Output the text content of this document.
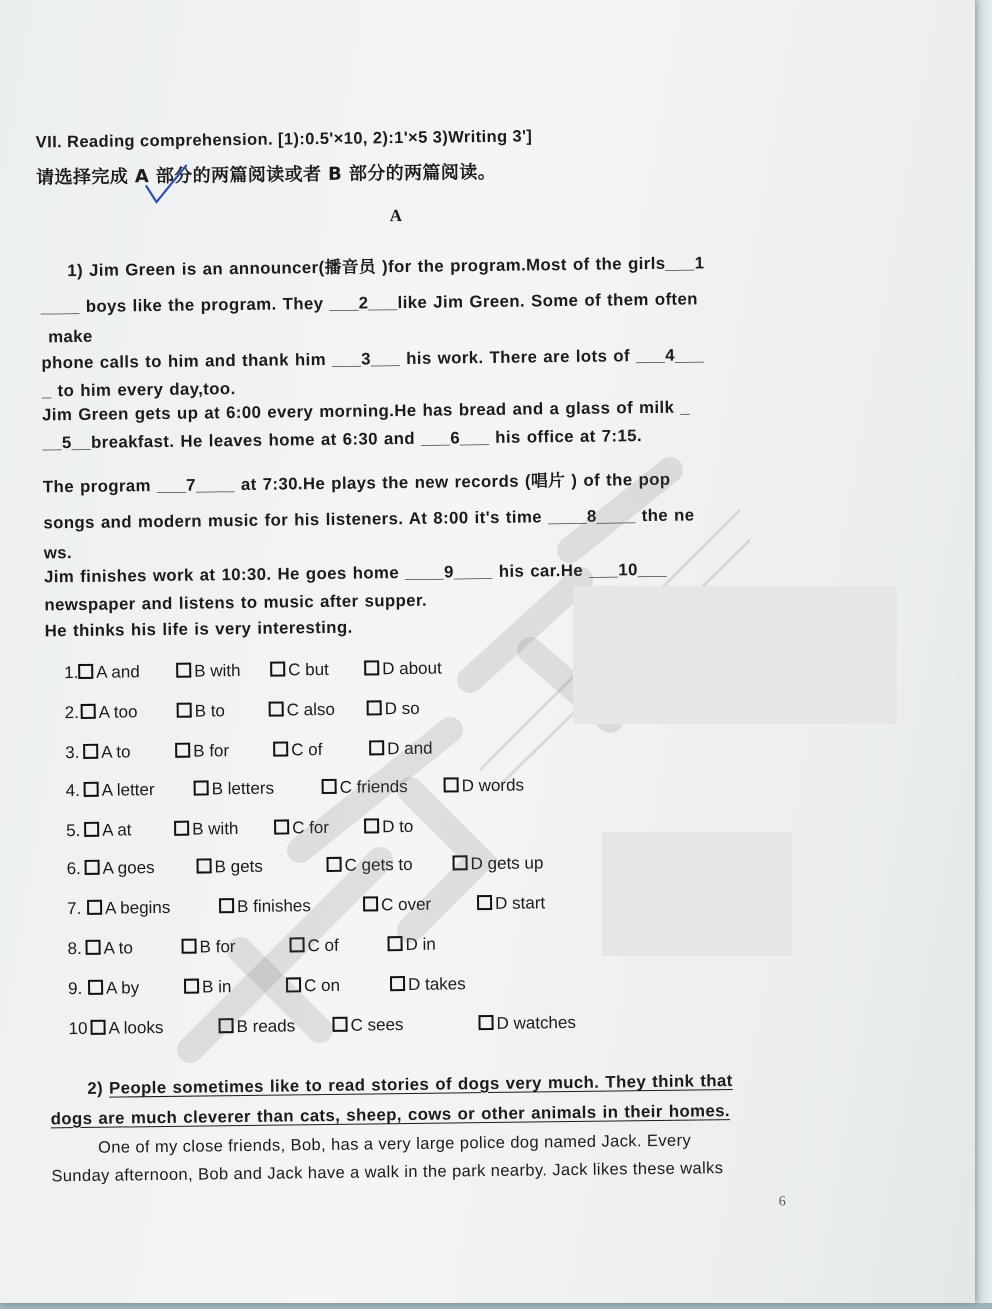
VII. Reading comprehension. [1):0.5'×10, 2):1'×5 3)Writing 3']
请选择完成 A 部分的两篇阅读或者 B 部分的两篇阅读。
A
1) Jim Green is an announcer(播音员 )for the program.Most of the girls___1
____ boys like the program. They ___2___like Jim Green. Some of them often
make
phone calls to him and thank him ___3___ his work. There are lots of ___4___
_ to him every day,too.
Jim Green gets up at 6:00 every morning.He has bread and a glass of milk _
__5__breakfast. He leaves home at 6:30 and ___6___ his office at 7:15.
The program ___7____ at 7:30.He plays the new records (唱片 ) of the pop
songs and modern music for his listeners. At 8:00 it's time ____8____ the ne
ws.
Jim finishes work at 10:30. He goes home ____9____ his car.He ___10___
newspaper and listens to music after supper.
He thinks his life is very interesting.
1.	A and	B with	C but	D about
2.	A too	B to	C also	D so
3.	A to	B for	C of	D and
4.	A letter	B letters	C friends	D words
5.	A at	B with	C for	D to
6.	A goes	B gets	C gets to	D gets up
7.	A begins	B finishes	C over	D start
8.	A to	B for	C of	D in
9.	A by	B in	C on	D takes
10	A looks	B reads	C sees	D watches
2) People sometimes like to read stories of dogs very much. They think that
dogs are much cleverer than cats, sheep, cows or other animals in their homes.
One of my close friends, Bob, has a very large police dog named Jack. Every
Sunday afternoon, Bob and Jack have a walk in the park nearby. Jack likes these walks
6
